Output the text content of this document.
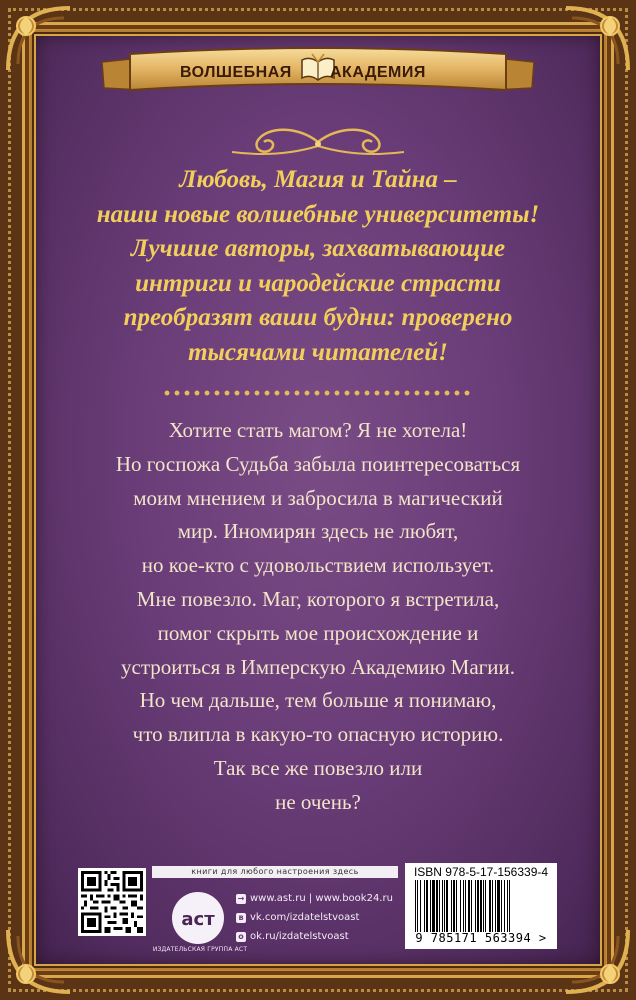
ВОЛШЕБНАЯ АКАДЕМИЯ
Любовь, Магия и Тайна –
наши новые волшебные университеты!
Лучшие авторы, захватывающие
интриги и чародейские страсти
преобразят ваши будни: проверено
тысячами читателей!
Хотите стать магом? Я не хотела!
Но госпожа Судьба забыла поинтересоваться
моим мнением и забросила в магический
мир. Иномирян здесь не любят,
но кое-кто с удовольствием использует.
Мне повезло. Маг, которого я встретила,
помог скрыть мое происхождение и
устроиться в Имперскую Академию Магии.
Но чем дальше, тем больше я понимаю,
что влипла в какую-то опасную историю.
Так все же повезло или
не очень?
книги для любого настроения здесь
аст
ИЗДАТЕЛЬСКАЯ ГРУППА АСТ
→ www.ast.ru | www.book24.ru
в vk.com/izdatelstvoast
о ok.ru/izdatelstvoast
ISBN 978-5-17-156339-4
9 785171 563394 >
